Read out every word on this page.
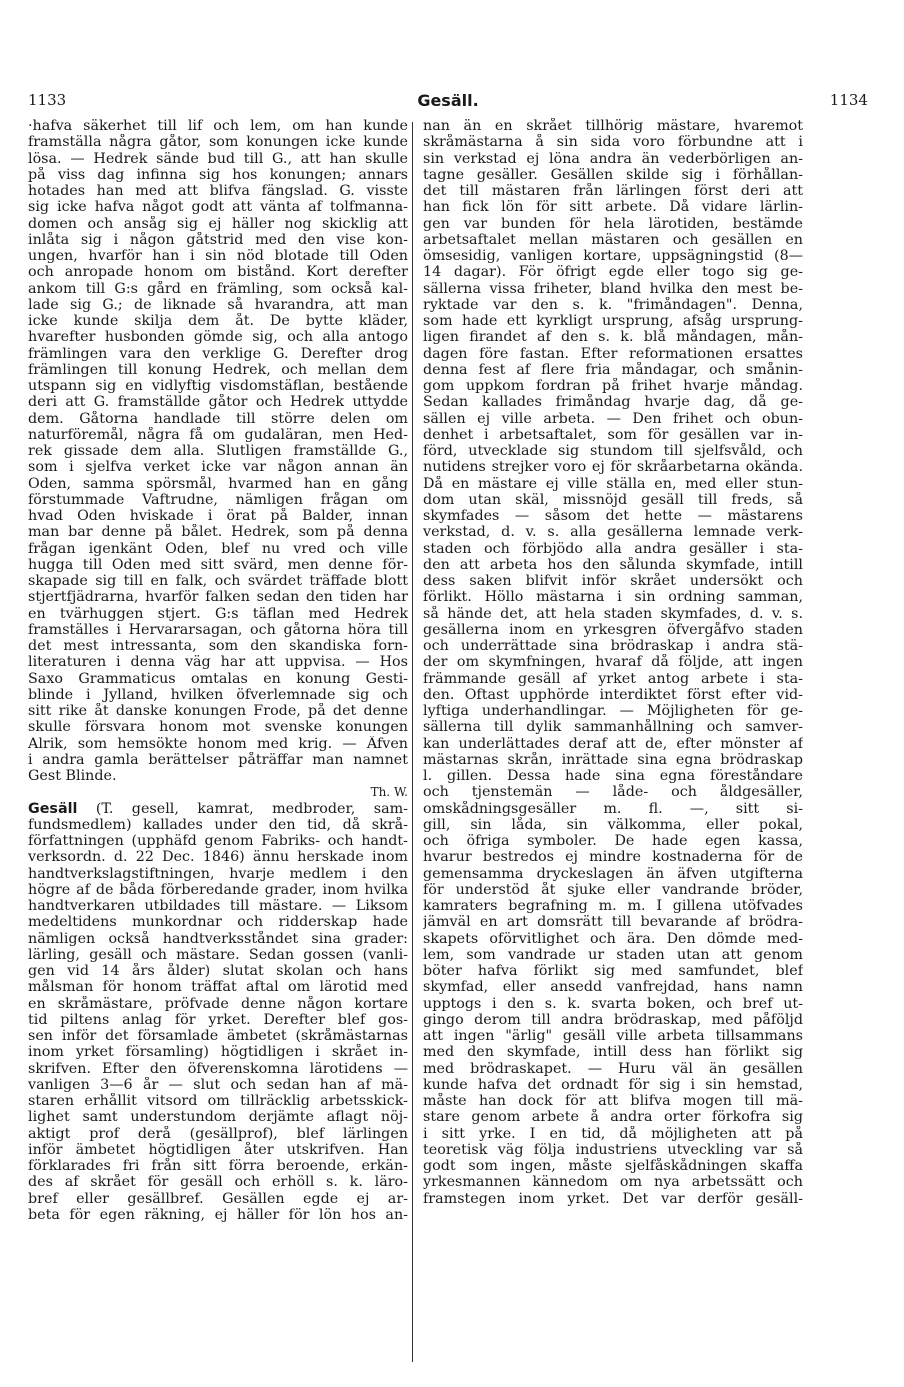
1133	Gesäll.	1134
·hafva säkerhet till lif och lem, om han kunde
framställa några gåtor, som konungen icke kunde
lösa. — Hedrek sände bud till G., att han skulle
på viss dag infinna sig hos konungen; annars
hotades han med att blifva fängslad. G. visste
sig icke hafva något godt att vänta af tolfmanna-
domen och ansåg sig ej häller nog skicklig att
inlåta sig i någon gåtstrid med den vise kon-
ungen, hvarför han i sin nöd blotade till Oden
och anropade honom om bistånd. Kort derefter
ankom till G:s gård en främling, som också kal-
lade sig G.; de liknade så hvarandra, att man
icke kunde skilja dem åt. De bytte kläder,
hvarefter husbonden gömde sig, och alla antogo
främlingen vara den verklige G. Derefter drog
främlingen till konung Hedrek, och mellan dem
utspann sig en vidlyftig visdomstäflan, bestående
deri att G. framställde gåtor och Hedrek uttydde
dem. Gåtorna handlade till större delen om
naturföremål, några få om gudaläran, men Hed-
rek gissade dem alla. Slutligen framställde G.,
som i sjelfva verket icke var någon annan än
Oden, samma spörsmål, hvarmed han en gång
förstummade Vaftrudne, nämligen frågan om
hvad Oden hviskade i örat på Balder, innan
man bar denne på bålet. Hedrek, som på denna
frågan igenkänt Oden, blef nu vred och ville
hugga till Oden med sitt svärd, men denne för-
skapade sig till en falk, och svärdet träffade blott
stjertfjädrarna, hvarför falken sedan den tiden har
en tvärhuggen stjert. G:s täflan med Hedrek
framställes i Hervararsagan, och gåtorna höra till
det mest intressanta, som den skandiska forn-
literaturen i denna väg har att uppvisa. — Hos
Saxo Grammaticus omtalas en konung Gesti-
blinde i Jylland, hvilken öfverlemnade sig och
sitt rike åt danske konungen Frode, på det denne
skulle försvara honom mot svenske konungen
Alrik, som hemsökte honom med krig. — Äfven
i andra gamla berättelser påträffar man namnet
Gest Blinde.
Th. W.
Gesäll (T. gesell, kamrat, medbroder, sam-
fundsmedlem) kallades under den tid, då skrå-
författningen (upphäfd genom Fabriks- och handt-
verksordn. d. 22 Dec. 1846) ännu herskade inom
handtverkslagstiftningen, hvarje medlem i den
högre af de båda förberedande grader, inom hvilka
handtverkaren utbildades till mästare. — Liksom
medeltidens munkordnar och ridderskap hade
nämligen också handtverksståndet sina grader:
lärling, gesäll och mästare. Sedan gossen (vanli-
gen vid 14 års ålder) slutat skolan och hans
målsman för honom träffat aftal om lärotid med
en skråmästare, pröfvade denne någon kortare
tid piltens anlag för yrket. Derefter blef gos-
sen inför det församlade ämbetet (skråmästarnas
inom yrket församling) högtidligen i skrået in-
skrifven. Efter den öfverenskomna lärotidens —
vanligen 3—6 år — slut och sedan han af mä-
staren erhållit vitsord om tillräcklig arbetsskick-
lighet samt understundom derjämte aflagt nöj-
aktigt prof derå (gesällprof), blef lärlingen
inför ämbetet högtidligen åter utskrifven. Han
förklarades fri från sitt förra beroende, erkän-
des af skrået för gesäll och erhöll s. k. läro-
bref eller gesällbref. Gesällen egde ej ar-
beta för egen räkning, ej häller för lön hos an-
nan än en skrået tillhörig mästare, hvaremot
skråmästarna å sin sida voro förbundne att i
sin verkstad ej löna andra än vederbörligen an-
tagne gesäller. Gesällen skilde sig i förhållan-
det till mästaren från lärlingen först deri att
han fick lön för sitt arbete. Då vidare lärlin-
gen var bunden för hela lärotiden, bestämde
arbetsaftalet mellan mästaren och gesällen en
ömsesidig, vanligen kortare, uppsägningstid (8—
14 dagar). För öfrigt egde eller togo sig ge-
sällerna vissa friheter, bland hvilka den mest be-
ryktade var den s. k. "frimåndagen". Denna,
som hade ett kyrkligt ursprung, afsåg ursprung-
ligen firandet af den s. k. blå måndagen, mån-
dagen före fastan. Efter reformationen ersattes
denna fest af flere fria måndagar, och smånin-
gom uppkom fordran på frihet hvarje måndag.
Sedan kallades frimåndag hvarje dag, då ge-
sällen ej ville arbeta. — Den frihet och obun-
denhet i arbetsaftalet, som för gesällen var in-
förd, utvecklade sig stundom till sjelfsvåld, och
nutidens strejker voro ej för skråarbetarna okända.
Då en mästare ej ville ställa en, med eller stun-
dom utan skäl, missnöjd gesäll till freds, så
skymfades — såsom det hette — mästarens
verkstad, d. v. s. alla gesällerna lemnade verk-
staden och förbjödo alla andra gesäller i sta-
den att arbeta hos den sålunda skymfade, intill
dess saken blifvit inför skrået undersökt och
förlikt. Höllo mästarna i sin ordning samman,
så hände det, att hela staden skymfades, d. v. s.
gesällerna inom en yrkesgren öfvergåfvo staden
och underrättade sina brödraskap i andra stä-
der om skymfningen, hvaraf då följde, att ingen
främmande gesäll af yrket antog arbete i sta-
den. Oftast upphörde interdiktet först efter vid-
lyftiga underhandlingar. — Möjligheten för ge-
sällerna till dylik sammanhållning och samver-
kan underlättades deraf att de, efter mönster af
mästarnas skrån, inrättade sina egna brödraskap
l. gillen. Dessa hade sina egna föreståndare
och tjenstemän — låde- och åldgesäller,
omskådningsgesäller m. fl. —, sitt si-
gill, sin låda, sin välkomma, eller pokal,
och öfriga symboler. De hade egen kassa,
hvarur bestredos ej mindre kostnaderna för de
gemensamma dryckeslagen än äfven utgifterna
för understöd åt sjuke eller vandrande bröder,
kamraters begrafning m. m. I gillena utöfvades
jämväl en art domsrätt till bevarande af brödra-
skapets oförvitlighet och ära. Den dömde med-
lem, som vandrade ur staden utan att genom
böter hafva förlikt sig med samfundet, blef
skymfad, eller ansedd vanfrejdad, hans namn
upptogs i den s. k. svarta boken, och bref ut-
gingo derom till andra brödraskap, med påföljd
att ingen "ärlig" gesäll ville arbeta tillsammans
med den skymfade, intill dess han förlikt sig
med brödraskapet. — Huru väl än gesällen
kunde hafva det ordnadt för sig i sin hemstad,
måste han dock för att blifva mogen till mä-
stare genom arbete å andra orter förkofra sig
i sitt yrke. I en tid, då möjligheten att på
teoretisk väg följa industriens utveckling var så
godt som ingen, måste sjelfåskådningen skaffa
yrkesmannen kännedom om nya arbetssätt och
framstegen inom yrket. Det var derför gesäll-
